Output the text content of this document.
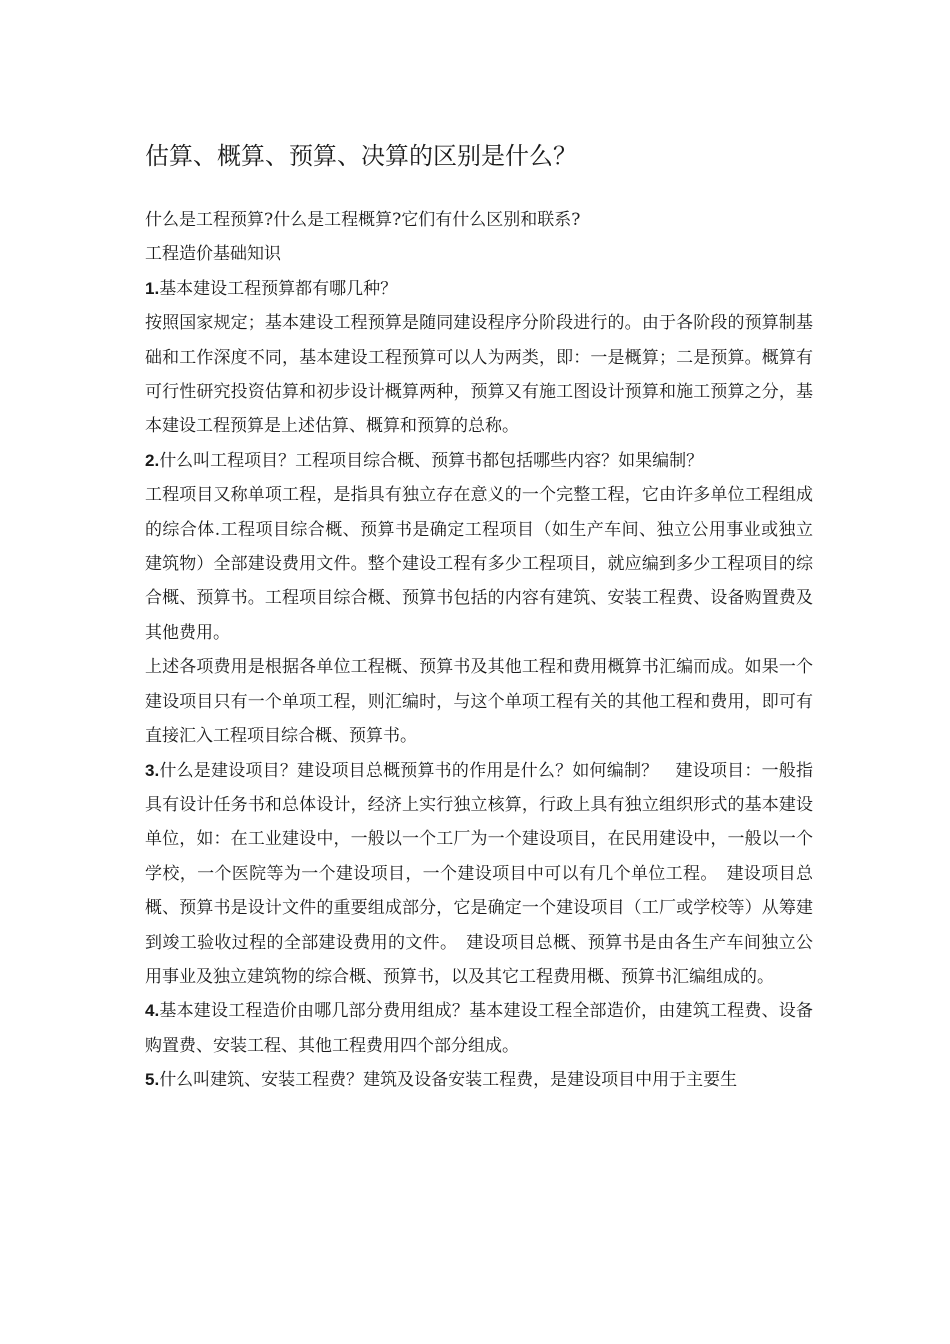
估算、概算、预算、决算的区别是什么？

什么是工程预算?什么是工程概算?它们有什么区别和联系?

工程造价基础知识

1.基本建设工程预算都有哪几种？

按照国家规定；基本建设工程预算是随同建设程序分阶段进行的。由于各阶段的预算制基础和工作深度不同，基本建设工程预算可以人为两类，即：一是概算；二是预算。概算有可行性研究投资估算和初步设计概算两种，预算又有施工图设计预算和施工预算之分，基本建设工程预算是上述估算、概算和预算的总称。

2.什么叫工程项目？工程项目综合概、预算书都包括哪些内容？如果编制？

工程项目又称单项工程，是指具有独立存在意义的一个完整工程，它由许多单位工程组成的综合体.工程项目综合概、预算书是确定工程项目（如生产车间、独立公用事业或独立建筑物）全部建设费用文件。整个建设工程有多少工程项目，就应编到多少工程项目的综合概、预算书。工程项目综合概、预算书包括的内容有建筑、安装工程费、设备购置费及其他费用。

上述各项费用是根据各单位工程概、预算书及其他工程和费用概算书汇编而成。如果一个建设项目只有一个单项工程，则汇编时，与这个单项工程有关的其他工程和费用，即可有直接汇入工程项目综合概、预算书。

3.什么是建设项目？建设项目总概预算书的作用是什么？如何编制？　建设项目：一般指具有设计任务书和总体设计，经济上实行独立核算，行政上具有独立组织形式的基本建设单位，如：在工业建设中，一般以一个工厂为一个建设项目，在民用建设中，一般以一个学校，一个医院等为一个建设项目，一个建设项目中可以有几个单位工程。　建设项目总概、预算书是设计文件的重要组成部分，它是确定一个建设项目（工厂或学校等）从筹建到竣工验收过程的全部建设费用的文件。　建设项目总概、预算书是由各生产车间独立公用事业及独立建筑物的综合概、预算书，以及其它工程费用概、预算书汇编组成的。

4.基本建设工程造价由哪几部分费用组成？基本建设工程全部造价，由建筑工程费、设备购置费、安装工程、其他工程费用四个部分组成。

5.什么叫建筑、安装工程费？建筑及设备安装工程费，是建设项目中用于主要生
